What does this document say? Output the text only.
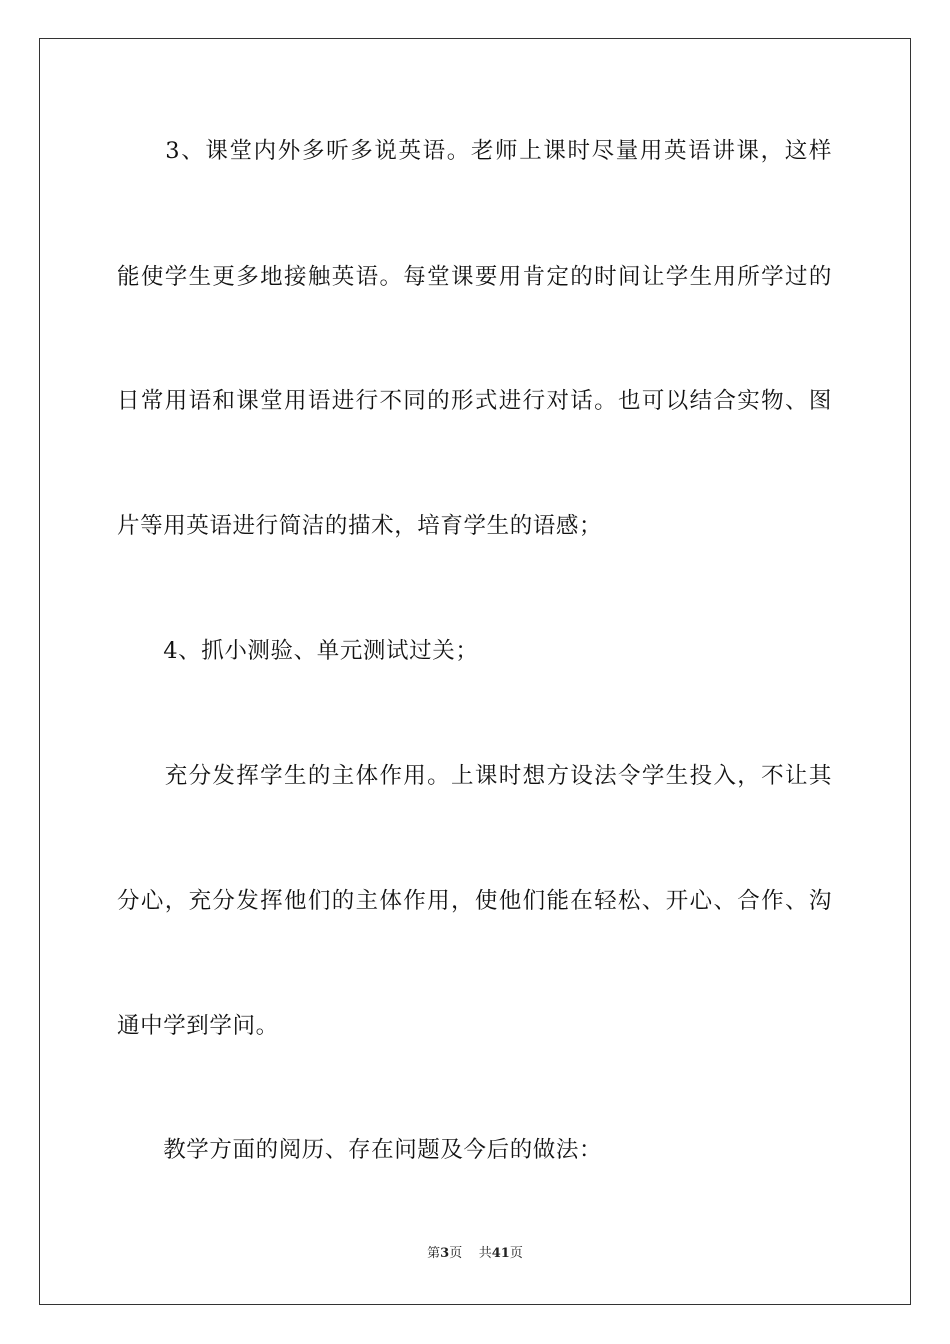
　　3、课堂内外多听多说英语。老师上课时尽量用英语讲课，这样
能使学生更多地接触英语。每堂课要用肯定的时间让学生用所学过的
日常用语和课堂用语进行不同的形式进行对话。也可以结合实物、图
片等用英语进行简洁的描术，培育学生的语感；
　　4、抓小测验、单元测试过关；
　　充分发挥学生的主体作用。上课时想方设法令学生投入，不让其
分心，充分发挥他们的主体作用，使他们能在轻松、开心、合作、沟
通中学到学问。
　　教学方面的阅历、存在问题及今后的做法：
第3页 共41页
